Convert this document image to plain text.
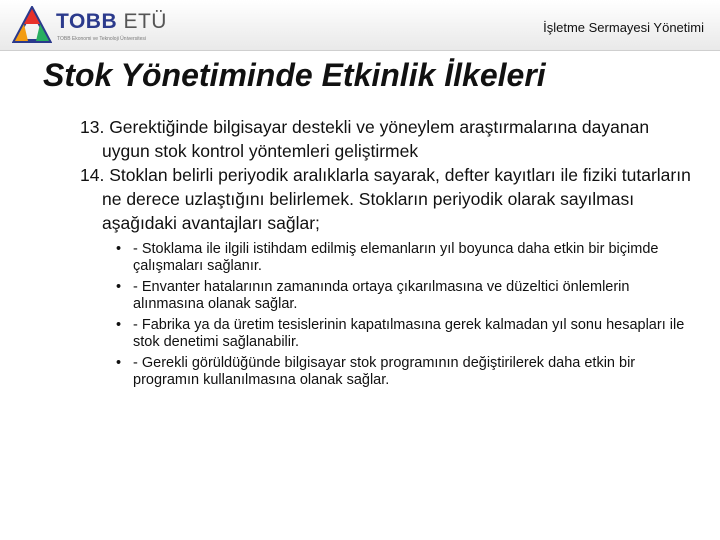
TOBB ETÜ
TOBB Ekonomi ve Teknoloji Üniversitesi
İşletme Sermayesi Yönetimi
Stok Yönetiminde Etkinlik İlkeleri

13. Gerektiğinde bilgisayar destekli ve yöneylem araştırmalarına dayanan uygun stok kontrol yöntemleri geliştirmek

14. Stoklan belirli periyodik aralıklarla sayarak, defter kayıtları ile fiziki tutarların ne derece uzlaştığını belirlemek. Stokların periyodik olarak sayılması aşağıdaki avantajları sağlar;

• - Stoklama ile ilgili istihdam edilmiş elemanların yıl boyunca daha etkin bir biçimde çalışmaları sağlanır.
• - Envanter hatalarının zamanında ortaya çıkarılmasına ve düzeltici önlemlerin alınmasına olanak sağlar.
• - Fabrika ya da üretim tesislerinin kapatılmasına gerek kalmadan yıl sonu hesapları ile stok denetimi sağlanabilir.
• - Gerekli görüldüğünde bilgisayar stok programının değiştirilerek daha etkin bir programın kullanılmasına olanak sağlar.
